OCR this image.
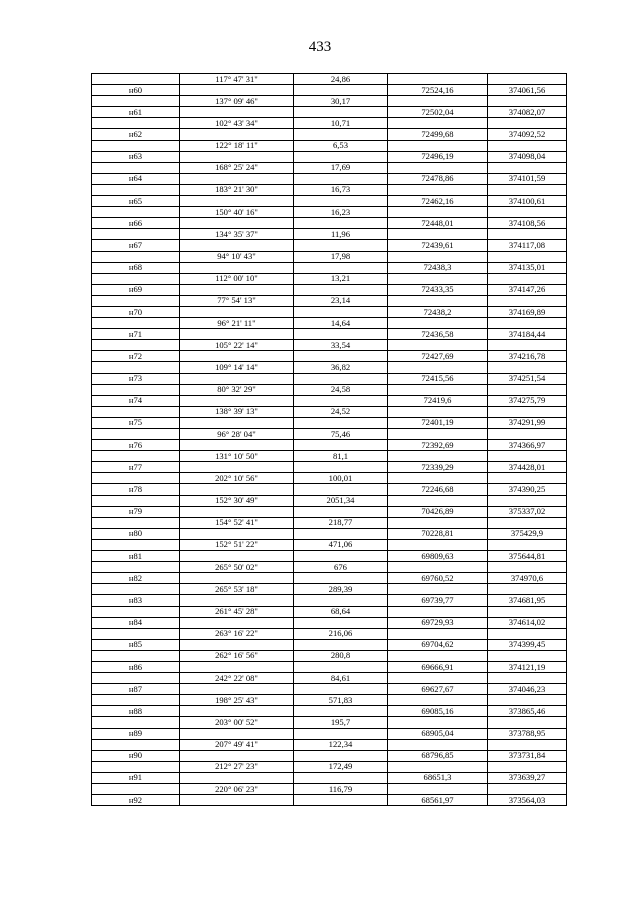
433
	117° 47' 31"	24,86		
н60			72524,16	374061,56
	137° 09' 46"	30,17		
н61			72502,04	374082,07
	102° 43' 34"	10,71		
н62			72499,68	374092,52
	122° 18' 11"	6,53		
н63			72496,19	374098,04
	168° 25' 24"	17,69		
н64			72478,86	374101,59
	183° 21' 30"	16,73		
н65			72462,16	374100,61
	150° 40' 16"	16,23		
н66			72448,01	374108,56
	134° 35' 37"	11,96		
н67			72439,61	374117,08
	94° 10' 43"	17,98		
н68			72438,3	374135,01
	112° 00' 10"	13,21		
н69			72433,35	374147,26
	77° 54' 13"	23,14		
н70			72438,2	374169,89
	96° 21' 11"	14,64		
н71			72436,58	374184,44
	105° 22' 14"	33,54		
н72			72427,69	374216,78
	109° 14' 14"	36,82		
н73			72415,56	374251,54
	80° 32' 29"	24,58		
н74			72419,6	374275,79
	138° 39' 13"	24,52		
н75			72401,19	374291,99
	96° 28' 04"	75,46		
н76			72392,69	374366,97
	131° 10' 50"	81,1		
н77			72339,29	374428,01
	202° 10' 56"	100,01		
н78			72246,68	374390,25
	152° 30' 49"	2051,34		
н79			70426,89	375337,02
	154° 52' 41"	218,77		
н80			70228,81	375429,9
	152° 51' 22"	471,06		
н81			69809,63	375644,81
	265° 50' 02"	676		
н82			69760,52	374970,6
	265° 53' 18"	289,39		
н83			69739,77	374681,95
	261° 45' 28"	68,64		
н84			69729,93	374614,02
	263° 16' 22"	216,06		
н85			69704,62	374399,45
	262° 16' 56"	280,8		
н86			69666,91	374121,19
	242° 22' 08"	84,61		
н87			69627,67	374046,23
	198° 25' 43"	571,83		
н88			69085,16	373865,46
	203° 00' 52"	195,7		
н89			68905,04	373788,95
	207° 49' 41"	122,34		
н90			68796,85	373731,84
	212° 27' 23"	172,49		
н91			68651,3	373639,27
	220° 06' 23"	116,79		
н92			68561,97	373564,03
